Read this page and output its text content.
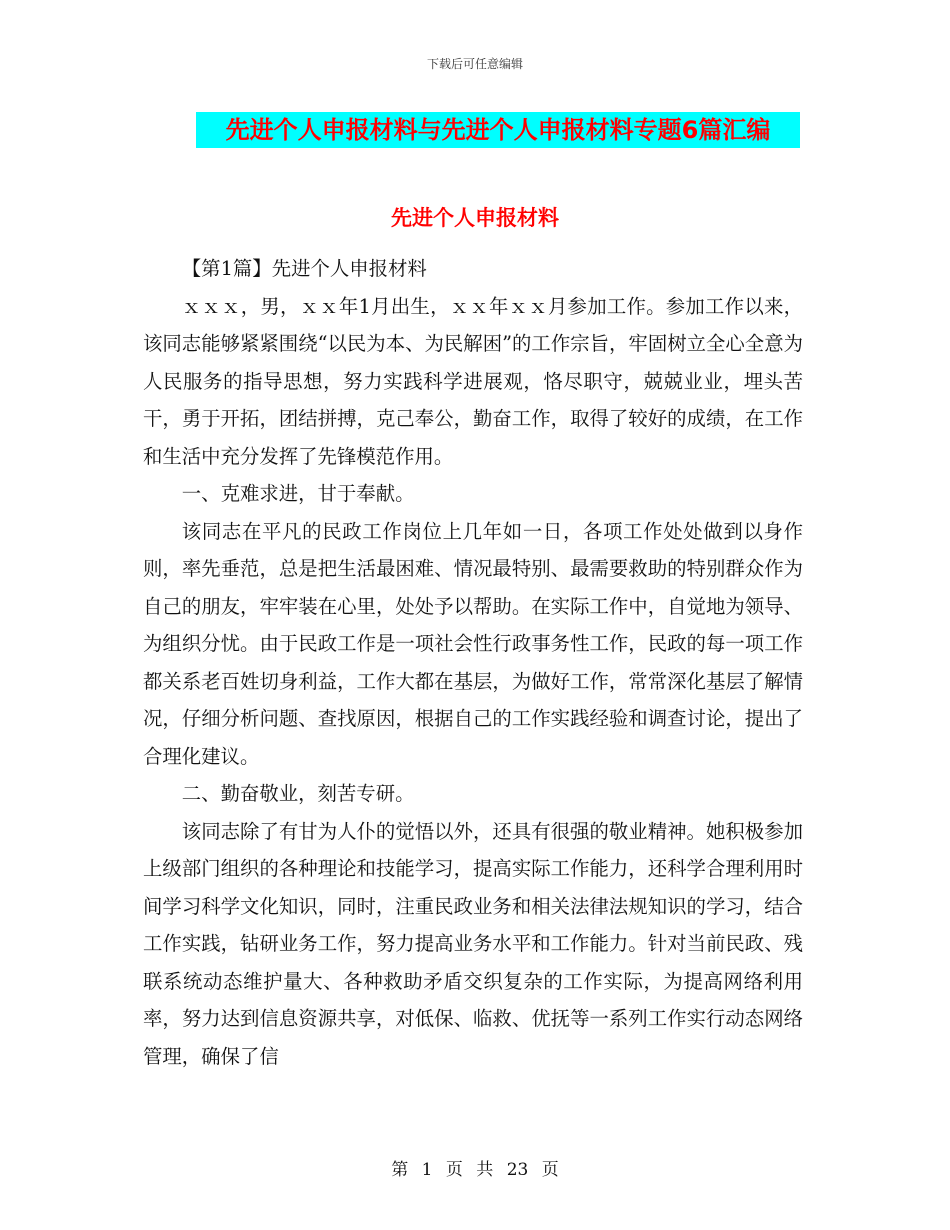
下载后可任意编辑
先进个人申报材料与先进个人申报材料专题6篇汇编
先进个人申报材料

【第1篇】先进个人申报材料

ｘｘｘ，男，ｘｘ年1月出生，ｘｘ年ｘｘ月参加工作。参加工作以来，该同志能够紧紧围绕“以民为本、为民解困”的工作宗旨，牢固树立全心全意为人民服务的指导思想，努力实践科学进展观，恪尽职守，兢兢业业，埋头苦干，勇于开拓，团结拼搏，克己奉公，勤奋工作，取得了较好的成绩，在工作和生活中充分发挥了先锋模范作用。

一、克难求进，甘于奉献。

该同志在平凡的民政工作岗位上几年如一日，各项工作处处做到以身作则，率先垂范，总是把生活最困难、情况最特别、最需要救助的特别群众作为自己的朋友，牢牢装在心里，处处予以帮助。在实际工作中，自觉地为领导、为组织分忧。由于民政工作是一项社会性行政事务性工作，民政的每一项工作都关系老百姓切身利益，工作大都在基层，为做好工作，常常深化基层了解情况，仔细分析问题、查找原因，根据自己的工作实践经验和调查讨论，提出了合理化建议。

二、勤奋敬业，刻苦专研。

该同志除了有甘为人仆的觉悟以外，还具有很强的敬业精神。她积极参加上级部门组织的各种理论和技能学习，提高实际工作能力，还科学合理利用时间学习科学文化知识，同时，注重民政业务和相关法律法规知识的学习，结合工作实践，钻研业务工作，努力提高业务水平和工作能力。针对当前民政、残联系统动态维护量大、各种救助矛盾交织复杂的工作实际，为提高网络利用率，努力达到信息资源共享，对低保、临救、优抚等一系列工作实行动态网络管理，确保了信

第 1 页 共 23 页
